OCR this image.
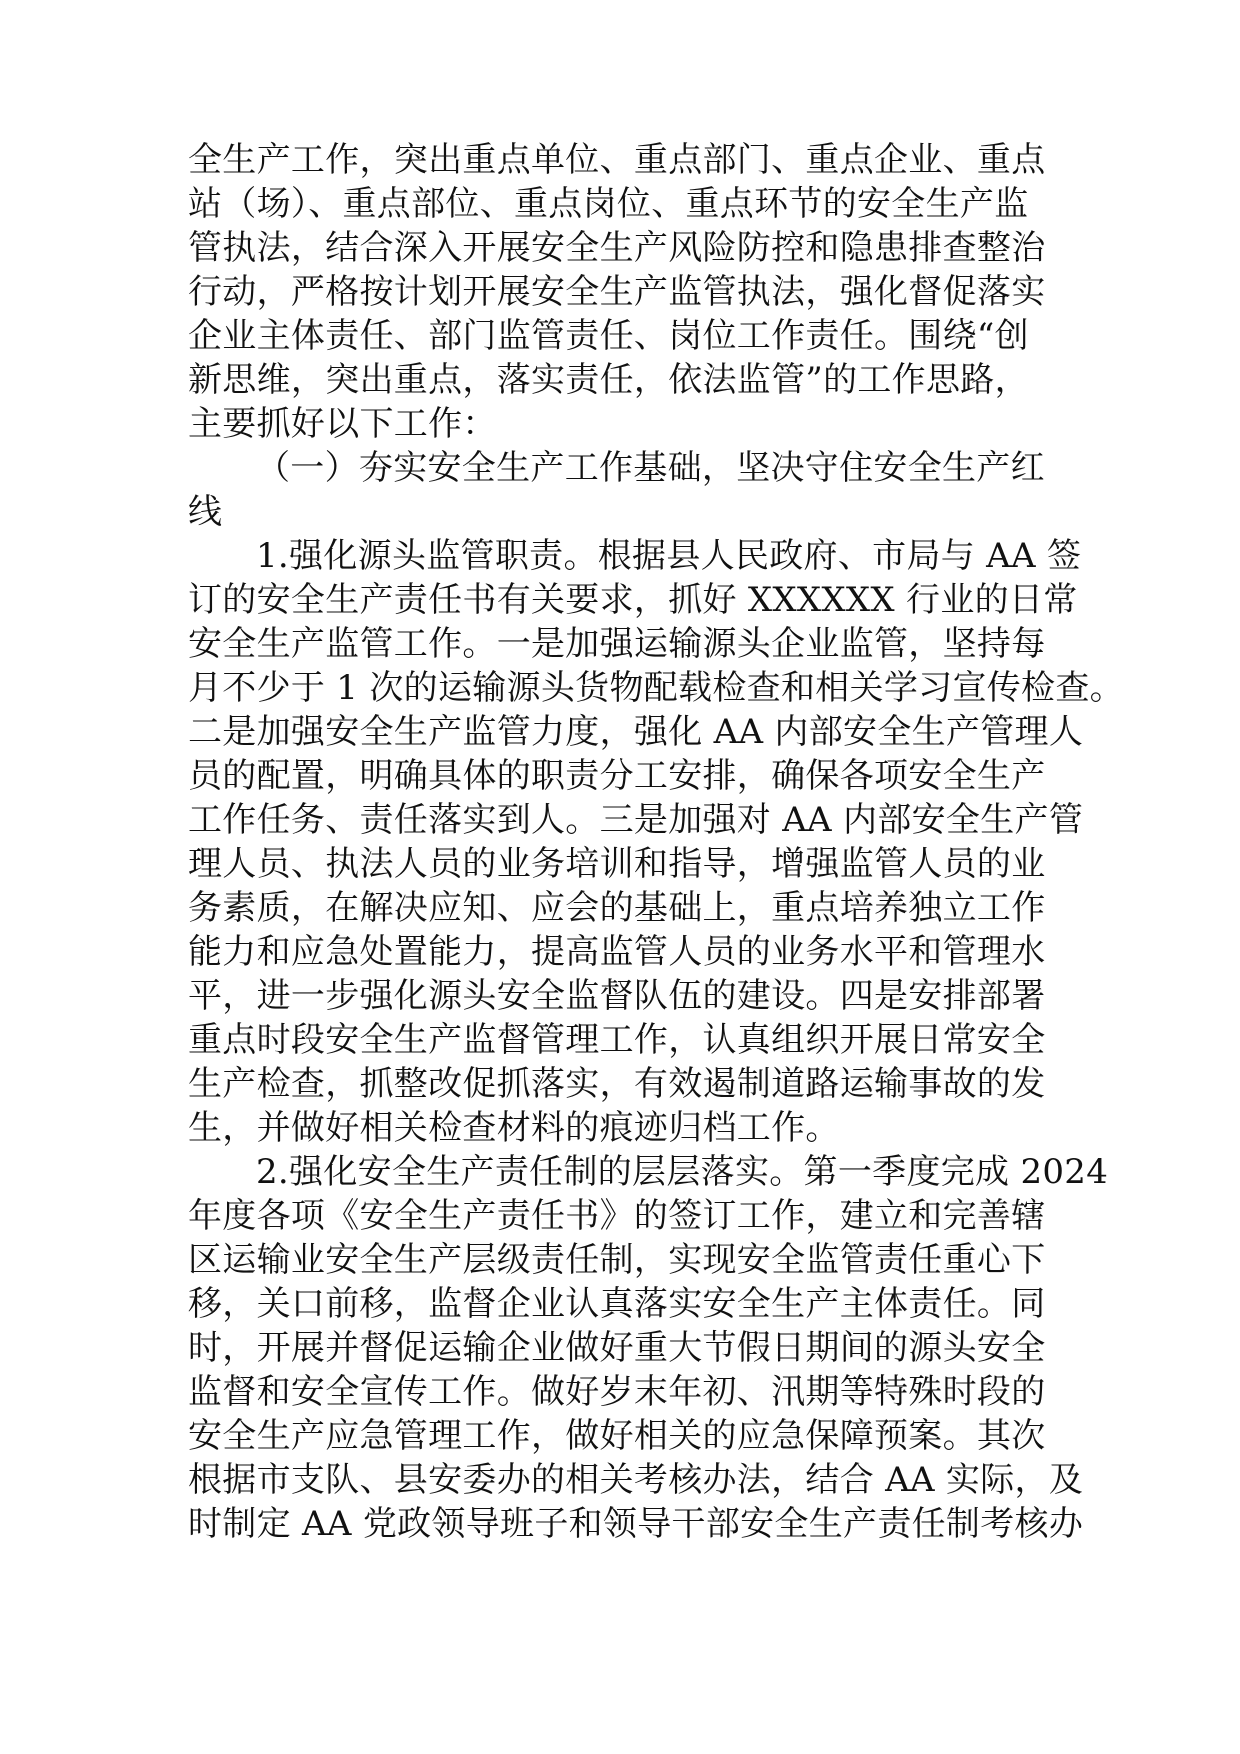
全生产工作，突出重点单位、重点部门、重点企业、重点
站（场）、重点部位、重点岗位、重点环节的安全生产监
管执法，结合深入开展安全生产风险防控和隐患排查整治
行动，严格按计划开展安全生产监管执法，强化督促落实
企业主体责任、部门监管责任、岗位工作责任。围绕“创
新思维，突出重点，落实责任，依法监管”的工作思路，
主要抓好以下工作：
（一）夯实安全生产工作基础，坚决守住安全生产红
线
1.强化源头监管职责。根据县人民政府、市局与 AA 签
订的安全生产责任书有关要求，抓好 XXXXXX 行业的日常
安全生产监管工作。一是加强运输源头企业监管，坚持每
月不少于 1 次的运输源头货物配载检查和相关学习宣传检查。
二是加强安全生产监管力度，强化 AA 内部安全生产管理人
员的配置，明确具体的职责分工安排，确保各项安全生产
工作任务、责任落实到人。三是加强对 AA 内部安全生产管
理人员、执法人员的业务培训和指导，增强监管人员的业
务素质，在解决应知、应会的基础上，重点培养独立工作
能力和应急处置能力，提高监管人员的业务水平和管理水
平，进一步强化源头安全监督队伍的建设。四是安排部署
重点时段安全生产监督管理工作，认真组织开展日常安全
生产检查，抓整改促抓落实，有效遏制道路运输事故的发
生，并做好相关检查材料的痕迹归档工作。
2.强化安全生产责任制的层层落实。第一季度完成 2024
年度各项《安全生产责任书》的签订工作，建立和完善辖
区运输业安全生产层级责任制，实现安全监管责任重心下
移，关口前移，监督企业认真落实安全生产主体责任。同
时，开展并督促运输企业做好重大节假日期间的源头安全
监督和安全宣传工作。做好岁末年初、汛期等特殊时段的
安全生产应急管理工作，做好相关的应急保障预案。其次
根据市支队、县安委办的相关考核办法，结合 AA 实际，及
时制定 AA 党政领导班子和领导干部安全生产责任制考核办
